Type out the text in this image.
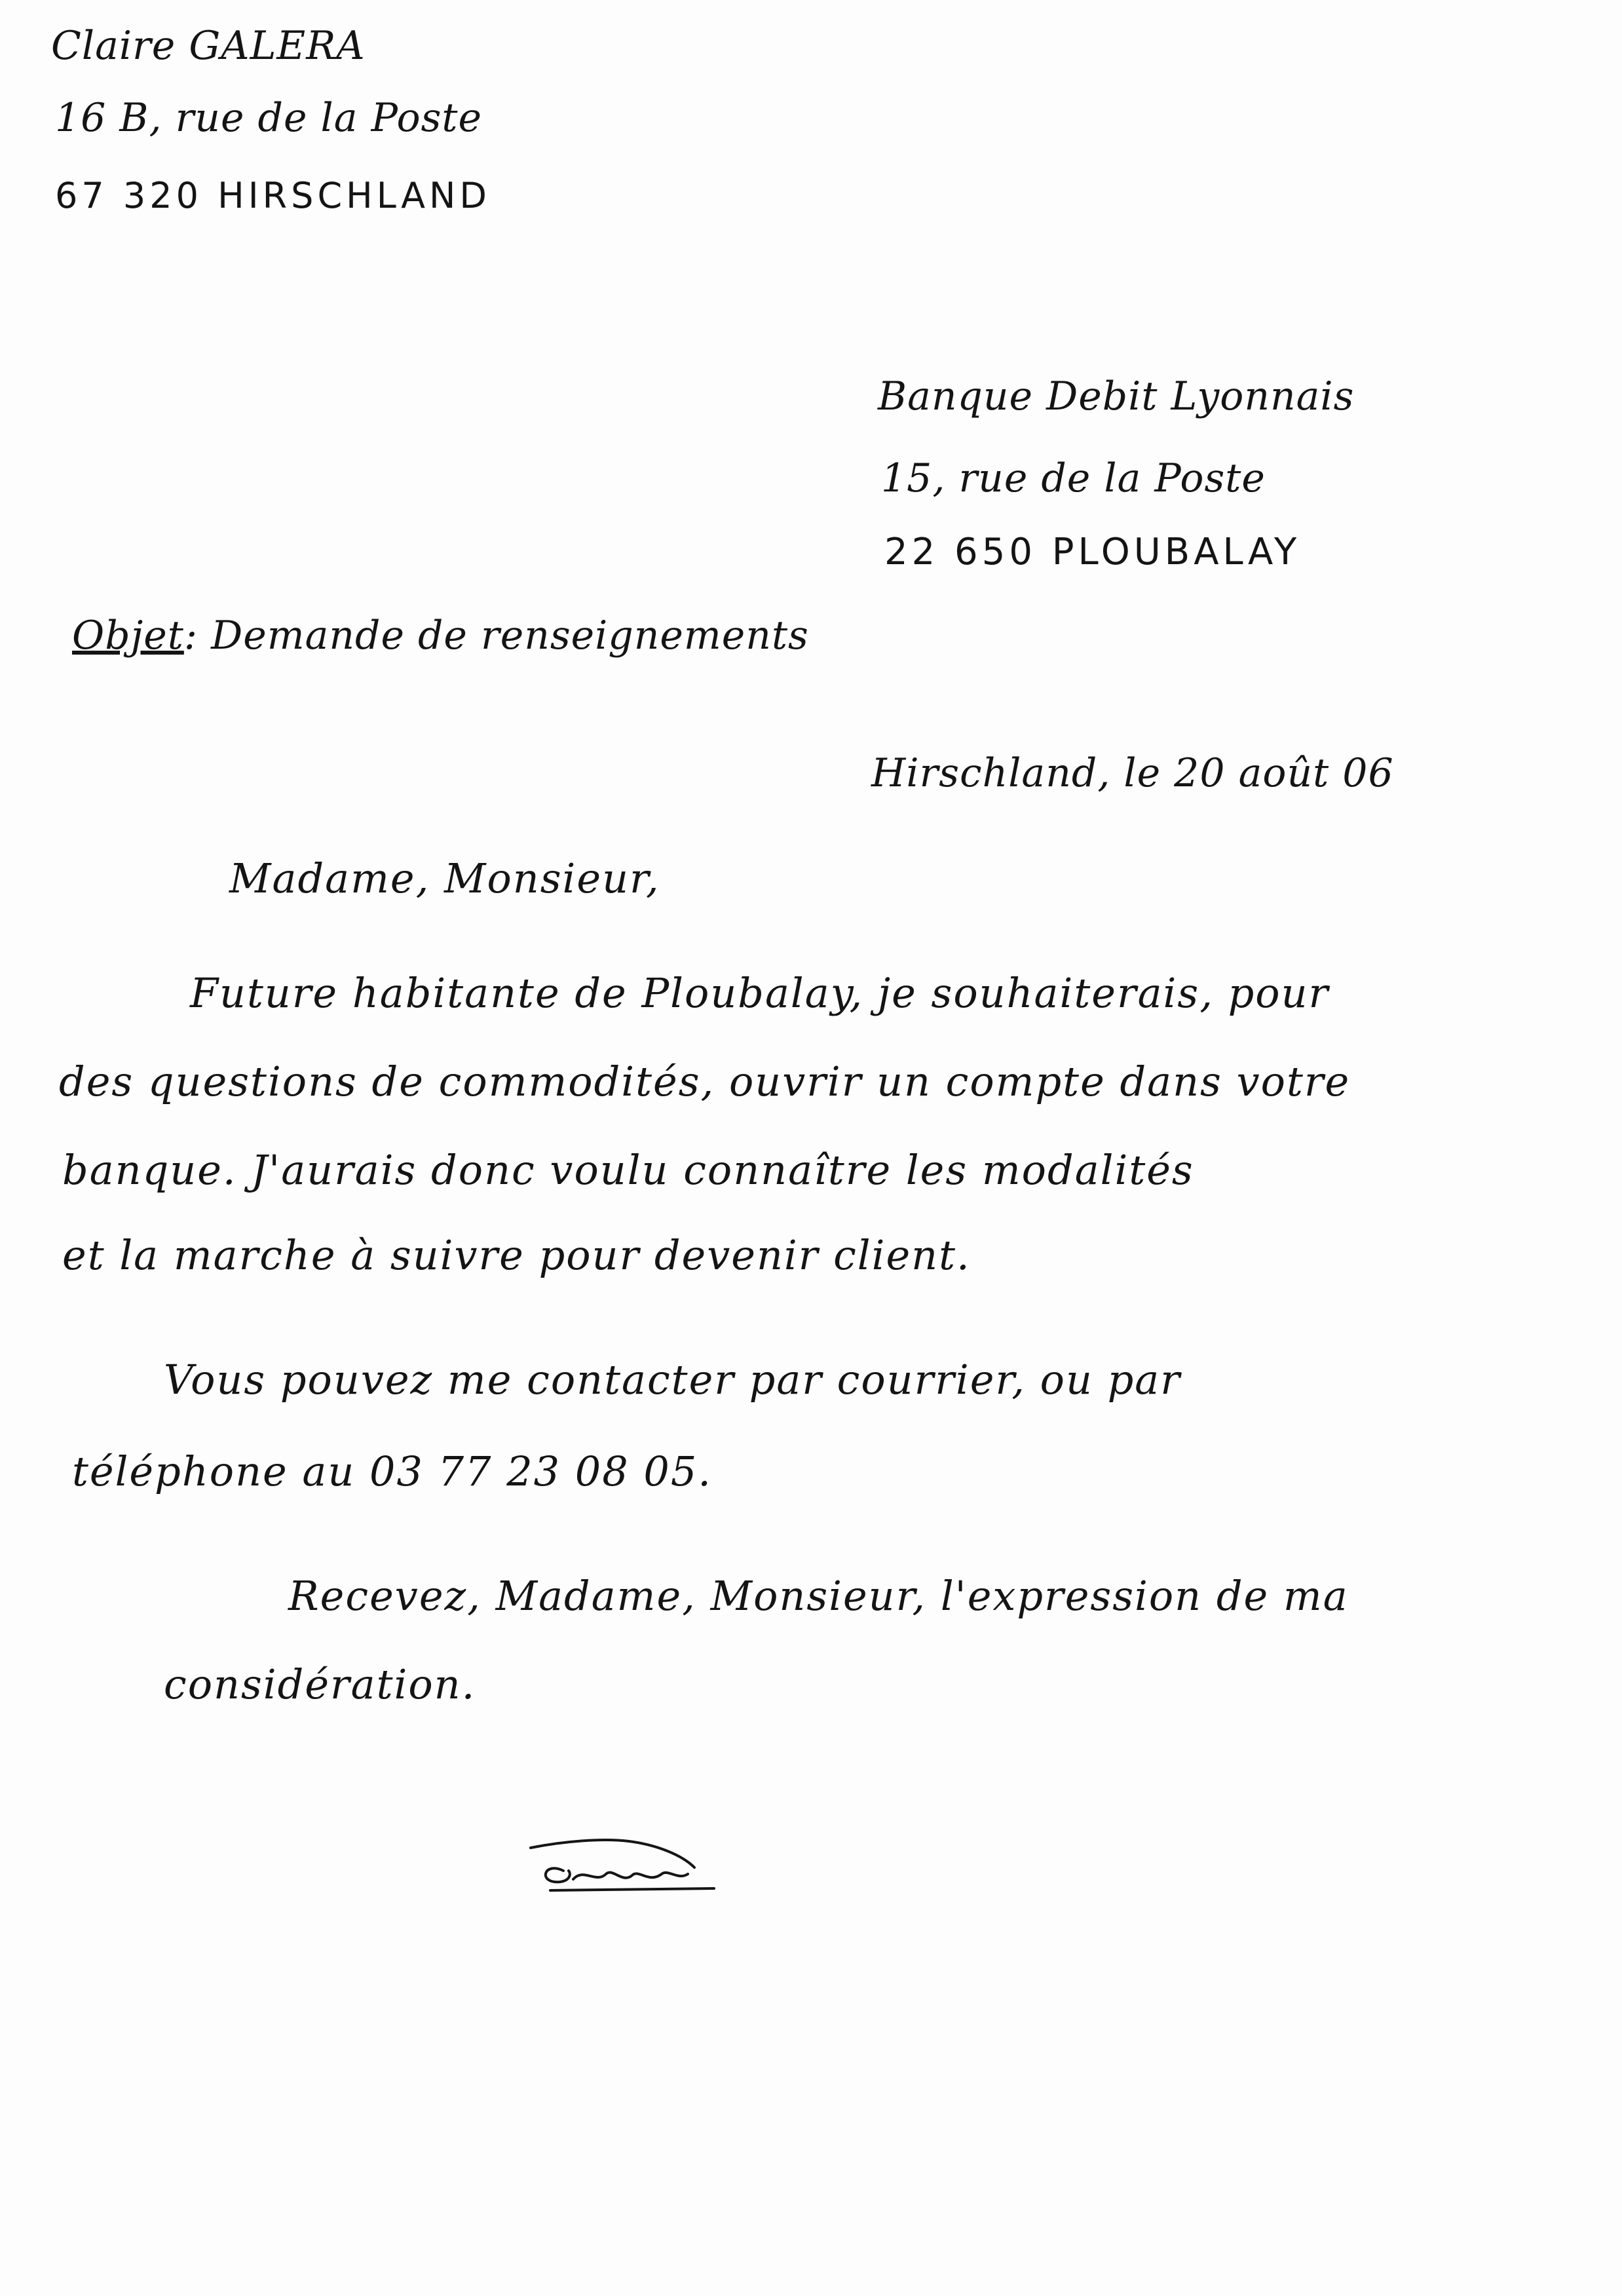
Claire GALERA
16 B, rue de la Poste
67 320 HIRSCHLAND
Banque Debit Lyonnais
15, rue de la Poste
22 650 PLOUBALAY
Objet: Demande de renseignements
Hirschland, le 20 août 06
Madame, Monsieur,
Future habitante de Ploubalay, je souhaiterais, pour
des questions de commodités, ouvrir un compte dans votre
banque. J'aurais donc voulu connaître les modalités
et la marche à suivre pour devenir client.
Vous pouvez me contacter par courrier, ou par
téléphone au 03 77 23 08 05.
Recevez, Madame, Monsieur, l'expression de ma
considération.
